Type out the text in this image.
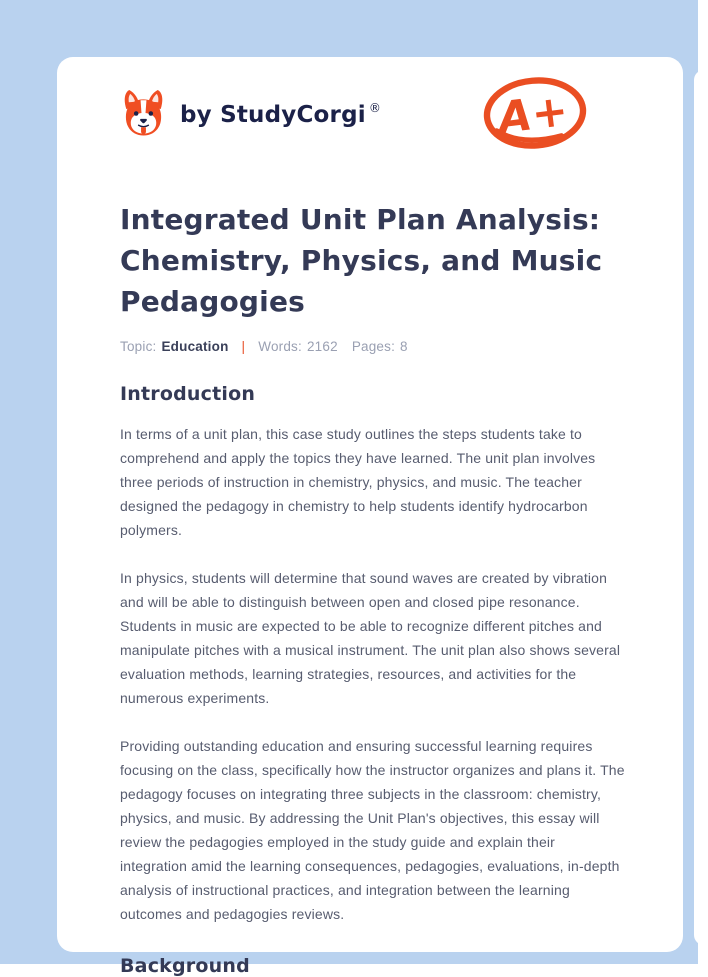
by StudyCorgi ®	A+
Integrated Unit Plan Analysis: Chemistry, Physics, and Music Pedagogies
Topic: Education | Words: 2162 Pages: 8
Introduction

In terms of a unit plan, this case study outlines the steps students take to comprehend and apply the topics they have learned. The unit plan involves three periods of instruction in chemistry, physics, and music. The teacher designed the pedagogy in chemistry to help students identify hydrocarbon polymers.

In physics, students will determine that sound waves are created by vibration and will be able to distinguish between open and closed pipe resonance. Students in music are expected to be able to recognize different pitches and manipulate pitches with a musical instrument. The unit plan also shows several evaluation methods, learning strategies, resources, and activities for the numerous experiments.

Providing outstanding education and ensuring successful learning requires focusing on the class, specifically how the instructor organizes and plans it. The pedagogy focuses on integrating three subjects in the classroom: chemistry, physics, and music. By addressing the Unit Plan's objectives, this essay will review the pedagogies employed in the study guide and explain their integration amid the learning consequences, pedagogies, evaluations, in-depth analysis of instructional practices, and integration between the learning outcomes and pedagogies reviews.

Background
